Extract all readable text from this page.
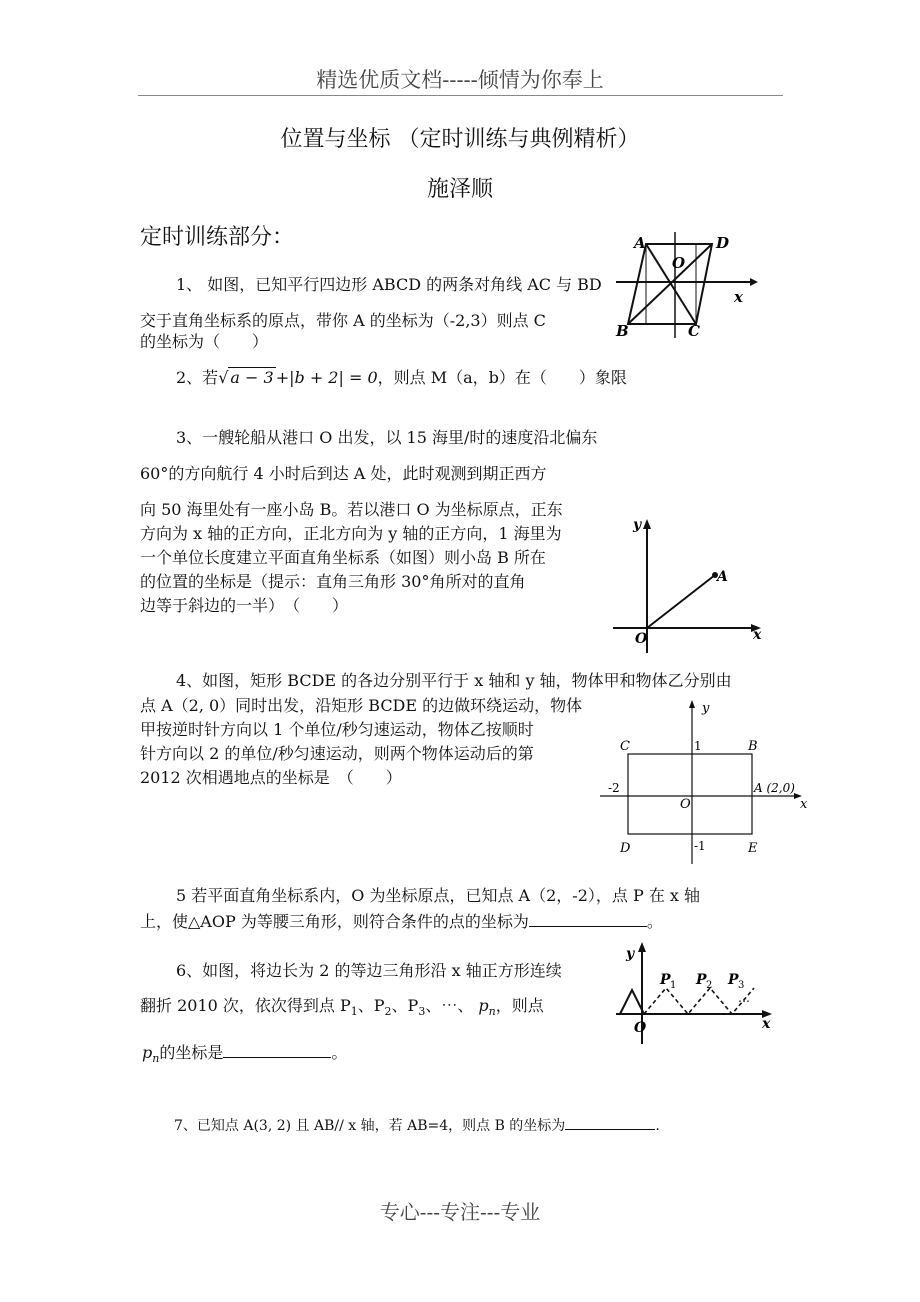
精选优质文档-----倾情为你奉上
位置与坐标 （定时训练与典例精析）
施泽顺
定时训练部分：
1、 如图，已知平行四边形 ABCD 的两条对角线 AC 与 BD
交于直角坐标系的原点，带你 A 的坐标为（-2,3）则点 C
的坐标为（　　）
A	D
B	C
O
x
2、若√ a − 3 +|b + 2| = 0，则点 M（a，b）在（　　）象限
3、一艘轮船从港口 O 出发，以 15 海里/时的速度沿北偏东
60°的方向航行 4 小时后到达 A 处，此时观测到期正西方
向 50 海里处有一座小岛 B。若以港口 O 为坐标原点，正东
方向为 x 轴的正方向，正北方向为 y 轴的正方向，1 海里为
一个单位长度建立平面直角坐标系（如图）则小岛 B 所在
的位置的坐标是（提示：直角三角形 30°角所对的直角
边等于斜边的一半）　（　　）
y
x
O
A
4、如图，矩形 BCDE 的各边分别平行于 x 轴和 y 轴，物体甲和物体乙分别由
点 A（2, 0）同时出发，沿矩形 BCDE 的边做环绕运动，物体
甲按逆时针方向以 1 个单位/秒匀速运动，物体乙按顺时
针方向以 2 的单位/秒匀速运动，则两个物体运动后的第
2012 次相遇地点的坐标是　（　　）
y
x
O
C	B
D	E
1
-1
-2	A (2,0)
5 若平面直角坐标系内，O 为坐标原点，已知点 A（2，-2），点 P 在 x 轴
上，使△AOP 为等腰三角形，则符合条件的点的坐标为	。
6、如图，将边长为 2 的等边三角形沿 x 轴正方形连续
翻折 2010 次，依次得到点 $P_1$、$P_2$、$P_3$、⋯、 $p_n$，则点
$p_n$的坐标是	。
y
x
O
P 1 P 2 P 3
…
7、已知点 A(3, 2) 且 AB// x 轴，若 AB=4，则点 B 的坐标为	.
专心---专注---专业
